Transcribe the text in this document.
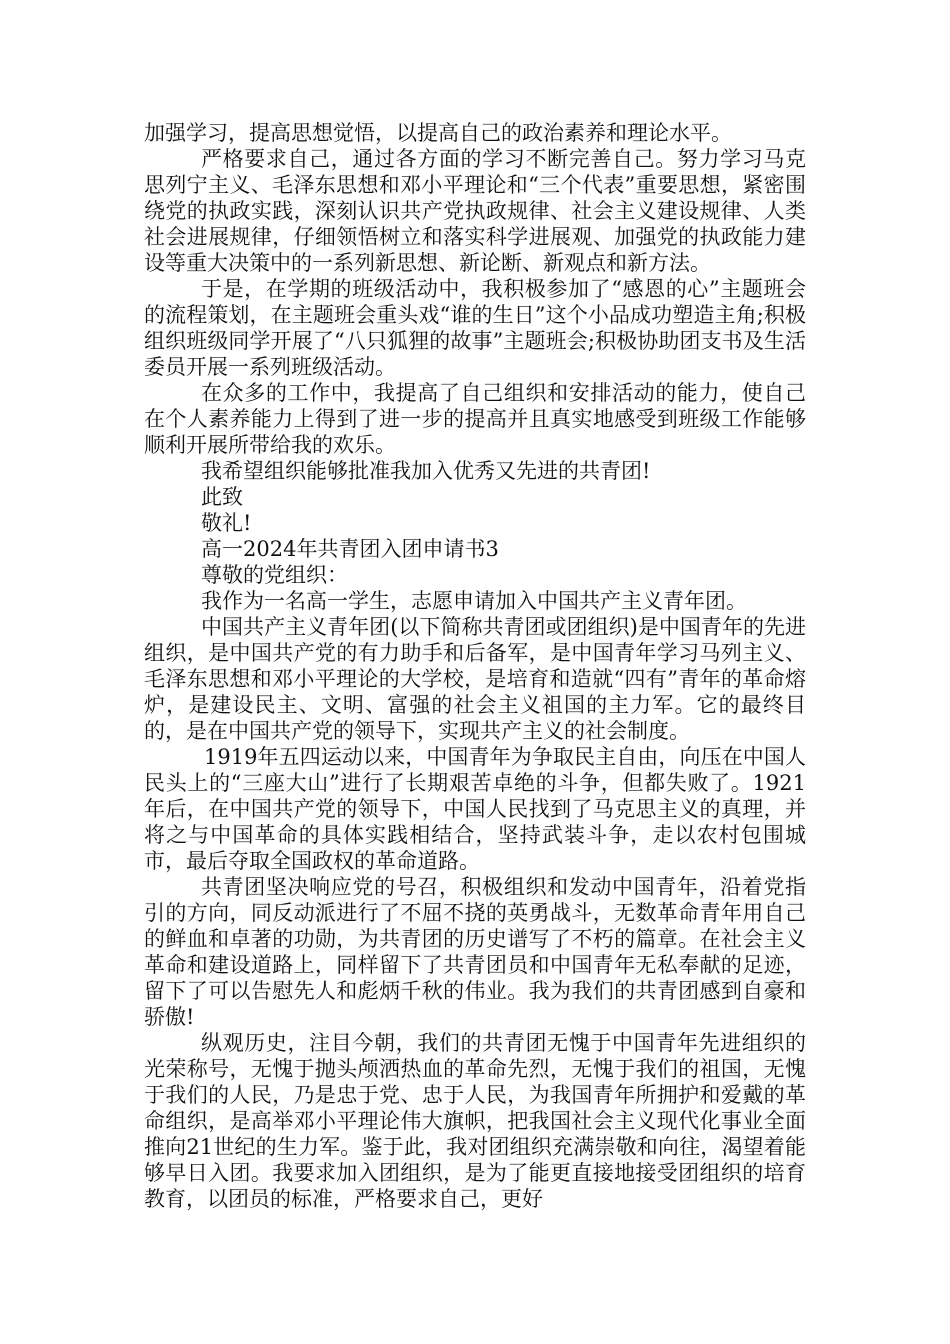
加强学习，提高思想觉悟，以提高自己的政治素养和理论水平。

严格要求自己，通过各方面的学习不断完善自己。努力学习马克思列宁主义、毛泽东思想和邓小平理论和“三个代表”重要思想，紧密围绕党的执政实践，深刻认识共产党执政规律、社会主义建设规律、人类社会进展规律，仔细领悟树立和落实科学进展观、加强党的执政能力建设等重大决策中的一系列新思想、新论断、新观点和新方法。

于是，在学期的班级活动中，我积极参加了“感恩的心”主题班会的流程策划，在主题班会重头戏“谁的生日”这个小品成功塑造主角;积极组织班级同学开展了“八只狐狸的故事”主题班会;积极协助团支书及生活委员开展一系列班级活动。

在众多的工作中，我提高了自己组织和安排活动的能力，使自己在个人素养能力上得到了进一步的提高并且真实地感受到班级工作能够顺利开展所带给我的欢乐。

我希望组织能够批准我加入优秀又先进的共青团!

此致

敬礼!

高一2024年共青团入团申请书3

尊敬的党组织：

我作为一名高一学生，志愿申请加入中国共产主义青年团。

中国共产主义青年团(以下简称共青团或团组织)是中国青年的先进组织，是中国共产党的有力助手和后备军，是中国青年学习马列主义、毛泽东思想和邓小平理论的大学校，是培育和造就“四有”青年的革命熔炉，是建设民主、文明、富强的社会主义祖国的主力军。它的最终目的，是在中国共产党的领导下，实现共产主义的社会制度。

1919年五四运动以来，中国青年为争取民主自由，向压在中国人民头上的“三座大山”进行了长期艰苦卓绝的斗争，但都失败了。1921年后，在中国共产党的领导下，中国人民找到了马克思主义的真理，并将之与中国革命的具体实践相结合，坚持武装斗争，走以农村包围城市，最后夺取全国政权的革命道路。

共青团坚决响应党的号召，积极组织和发动中国青年，沿着党指引的方向，同反动派进行了不屈不挠的英勇战斗，无数革命青年用自己的鲜血和卓著的功勋，为共青团的历史谱写了不朽的篇章。在社会主义革命和建设道路上，同样留下了共青团员和中国青年无私奉献的足迹，留下了可以告慰先人和彪炳千秋的伟业。我为我们的共青团感到自豪和骄傲!

纵观历史，注目今朝，我们的共青团无愧于中国青年先进组织的光荣称号，无愧于抛头颅洒热血的革命先烈，无愧于我们的祖国，无愧于我们的人民，乃是忠于党、忠于人民，为我国青年所拥护和爱戴的革命组织，是高举邓小平理论伟大旗帜，把我国社会主义现代化事业全面推向21世纪的生力军。鉴于此，我对团组织充满崇敬和向往，渴望着能够早日入团。我要求加入团组织，是为了能更直接地接受团组织的培育教育，以团员的标准，严格要求自己，更好
